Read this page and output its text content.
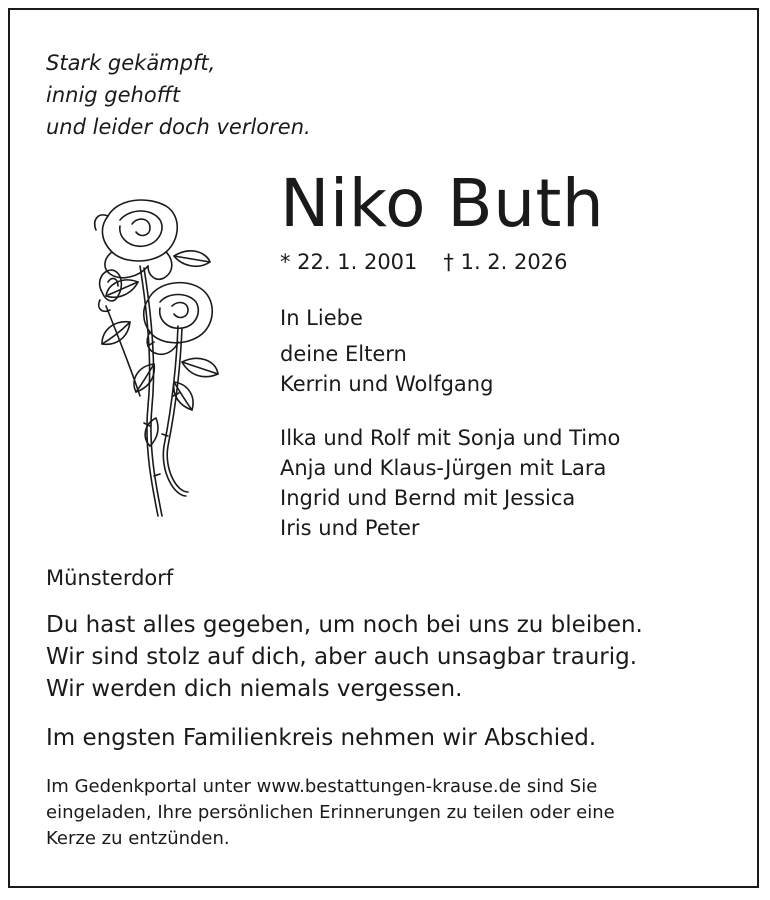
Stark gekämpft,
innig gehofft
und leider doch verloren.
Niko Buth
* 22. 1. 2001 † 1. 2. 2026
In Liebe
deine Eltern
Kerrin und Wolfgang
Ilka und Rolf mit Sonja und Timo
Anja und Klaus-Jürgen mit Lara
Ingrid und Bernd mit Jessica
Iris und Peter
Münsterdorf
Du hast alles gegeben, um noch bei uns zu bleiben.
Wir sind stolz auf dich, aber auch unsagbar traurig.
Wir werden dich niemals vergessen.
Im engsten Familienkreis nehmen wir Abschied.
Im Gedenkportal unter www.bestattungen-krause.de sind Sie
eingeladen, Ihre persönlichen Erinnerungen zu teilen oder eine
Kerze zu entzünden.
